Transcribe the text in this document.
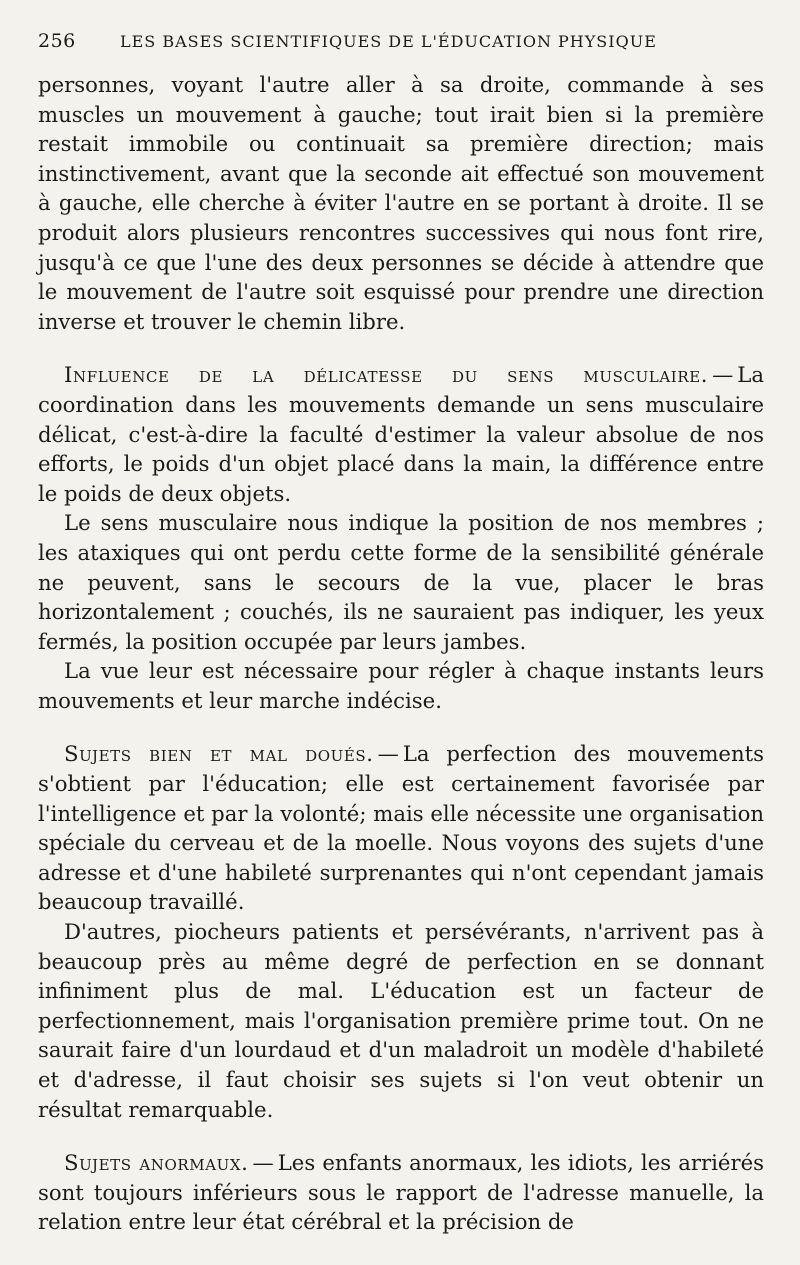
256	LES BASES SCIENTIFIQUES DE L'ÉDUCATION PHYSIQUE

personnes, voyant l'autre aller à sa droite, commande à ses muscles un mouvement à gauche; tout irait bien si la première restait immobile ou continuait sa première direction; mais instinctivement, avant que la seconde ait effectué son mouvement à gauche, elle cherche à éviter l'autre en se portant à droite. Il se produit alors plusieurs rencontres successives qui nous font rire, jusqu'à ce que l'une des deux personnes se décide à attendre que le mouvement de l'autre soit esquissé pour prendre une direction inverse et trouver le chemin libre.

Influence de la délicatesse du sens musculaire. — La coordination dans les mouvements demande un sens musculaire délicat, c'est-à-dire la faculté d'estimer la valeur absolue de nos efforts, le poids d'un objet placé dans la main, la différence entre le poids de deux objets.

Le sens musculaire nous indique la position de nos membres ; les ataxiques qui ont perdu cette forme de la sensibilité générale ne peuvent, sans le secours de la vue, placer le bras horizontalement ; couchés, ils ne sauraient pas indiquer, les yeux fermés, la position occupée par leurs jambes.

La vue leur est nécessaire pour régler à chaque instants leurs mouvements et leur marche indécise.

Sujets bien et mal doués. — La perfection des mouvements s'obtient par l'éducation; elle est certainement favorisée par l'intelligence et par la volonté; mais elle nécessite une organisation spéciale du cerveau et de la moelle. Nous voyons des sujets d'une adresse et d'une habileté surprenantes qui n'ont cependant jamais beaucoup travaillé.

D'autres, piocheurs patients et persévérants, n'arrivent pas à beaucoup près au même degré de perfection en se donnant infiniment plus de mal. L'éducation est un facteur de perfectionnement, mais l'organisation première prime tout. On ne saurait faire d'un lourdaud et d'un maladroit un modèle d'habileté et d'adresse, il faut choisir ses sujets si l'on veut obtenir un résultat remarquable.

Sujets anormaux. — Les enfants anormaux, les idiots, les arriérés sont toujours inférieurs sous le rapport de l'adresse manuelle, la relation entre leur état cérébral et la précision de
